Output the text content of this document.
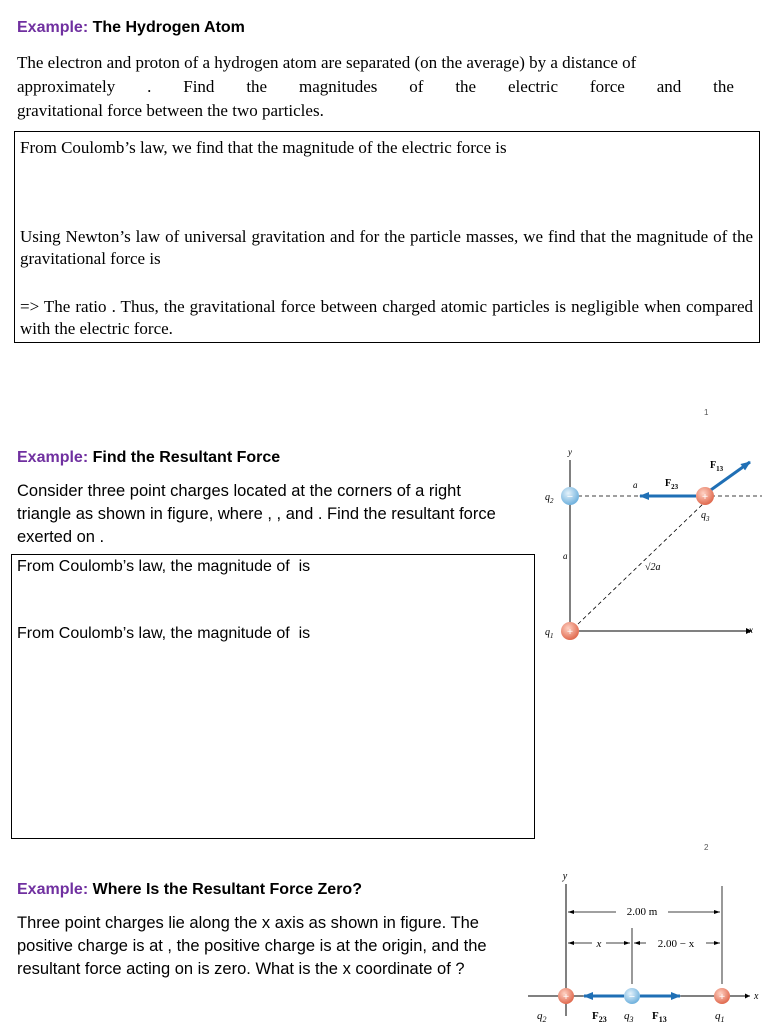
Example: The Hydrogen Atom
The electron and proton of a hydrogen atom are separated (on the average) by a distance of
approximately . Find the magnitudes of the electric force and the
gravitational force between the two particles.
From Coulomb’s law, we find that the magnitude of the electric force is
Using Newton’s law of universal gravitation and for the particle masses, we find that the magnitude of the gravitational force is
=> The ratio . Thus, the gravitational force between charged atomic particles is negligible when compared with the electric force.
1
Example: Find the Resultant Force
Consider three point charges located at the corners of a right triangle as shown in figure, where , , and . Find the resultant force exerted on .
From Coulomb’s law, the magnitude of  is
From Coulomb’s law, the magnitude of  is
y
x
a
a
√2a
$q_2$
$q_1$
$q_3$
$F_{23}$
$F_{13}$
−
+
+
2
Example: Where Is the Resultant Force Zero?
Three point charges lie along the x axis as shown in figure. The positive charge is at , the positive charge is at the origin, and the resultant force acting on is zero. What is the x coordinate of ?
y
x
2.00 m
x	2.00 − x
+	−	+
$q_2$	$F_{23}$ $q_3$ $F_{13}$	$q_1$
